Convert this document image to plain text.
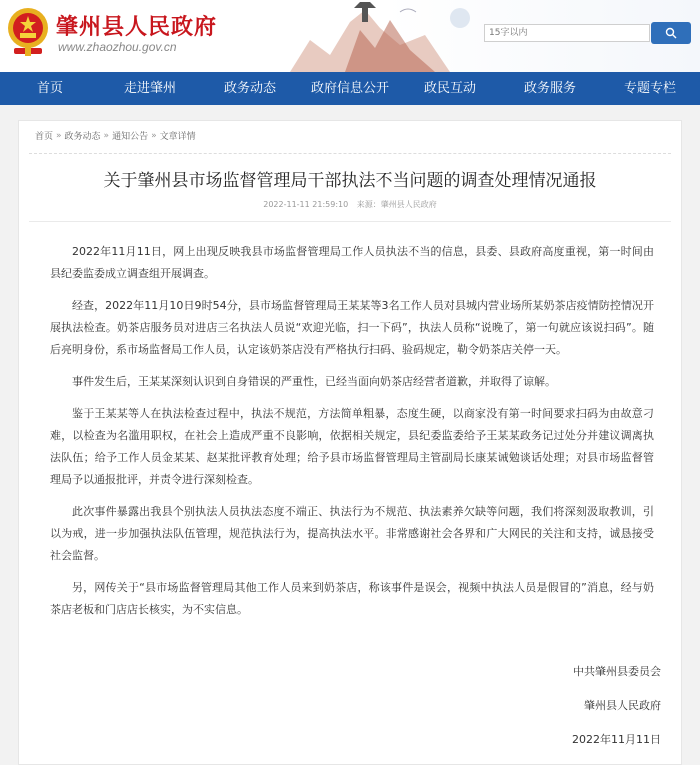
肇州县人民政府
www.zhaozhou.gov.cn
15字以内
首页	走进肇州	政务动态	政府信息公开	政民互动	政务服务	专题专栏
首页 » 政务动态 » 通知公告 » 文章详情
关于肇州县市场监督管理局干部执法不当问题的调查处理情况通报
2022-11-11 21:59:10 来源：肇州县人民政府

2022年11月11日，网上出现反映我县市场监督管理局工作人员执法不当的信息，县委、县政府高度重视，第一时间由县纪委监委成立调查组开展调查。

经查，2022年11月10日9时54分，县市场监督管理局王某某等3名工作人员对县城内营业场所某奶茶店疫情防控情况开展执法检查。奶茶店服务员对进店三名执法人员说“欢迎光临，扫一下码”，执法人员称“说晚了，第一句就应该说扫码”。随后亮明身份，系市场监督局工作人员，认定该奶茶店没有严格执行扫码、验码规定，勒令奶茶店关停一天。

事件发生后，王某某深刻认识到自身错误的严重性，已经当面向奶茶店经营者道歉，并取得了谅解。

鉴于王某某等人在执法检查过程中，执法不规范，方法简单粗暴，态度生硬，以商家没有第一时间要求扫码为由故意刁难，以检查为名滥用职权，在社会上造成严重不良影响，依据相关规定，县纪委监委给予王某某政务记过处分并建议调离执法队伍；给予工作人员金某某、赵某批评教育处理；给予县市场监督管理局主管副局长康某诫勉谈话处理；对县市场监督管理局予以通报批评，并责令进行深刻检查。

此次事件暴露出我县个别执法人员执法态度不端正、执法行为不规范、执法素养欠缺等问题，我们将深刻汲取教训，引以为戒，进一步加强执法队伍管理，规范执法行为，提高执法水平。非常感谢社会各界和广大网民的关注和支持，诚恳接受社会监督。

另，网传关于“县市场监督管理局其他工作人员来到奶茶店，称该事件是误会，视频中执法人员是假冒的”消息，经与奶茶店老板和门店店长核实，为不实信息。

中共肇州县委员会
肇州县人民政府
2022年11月11日
